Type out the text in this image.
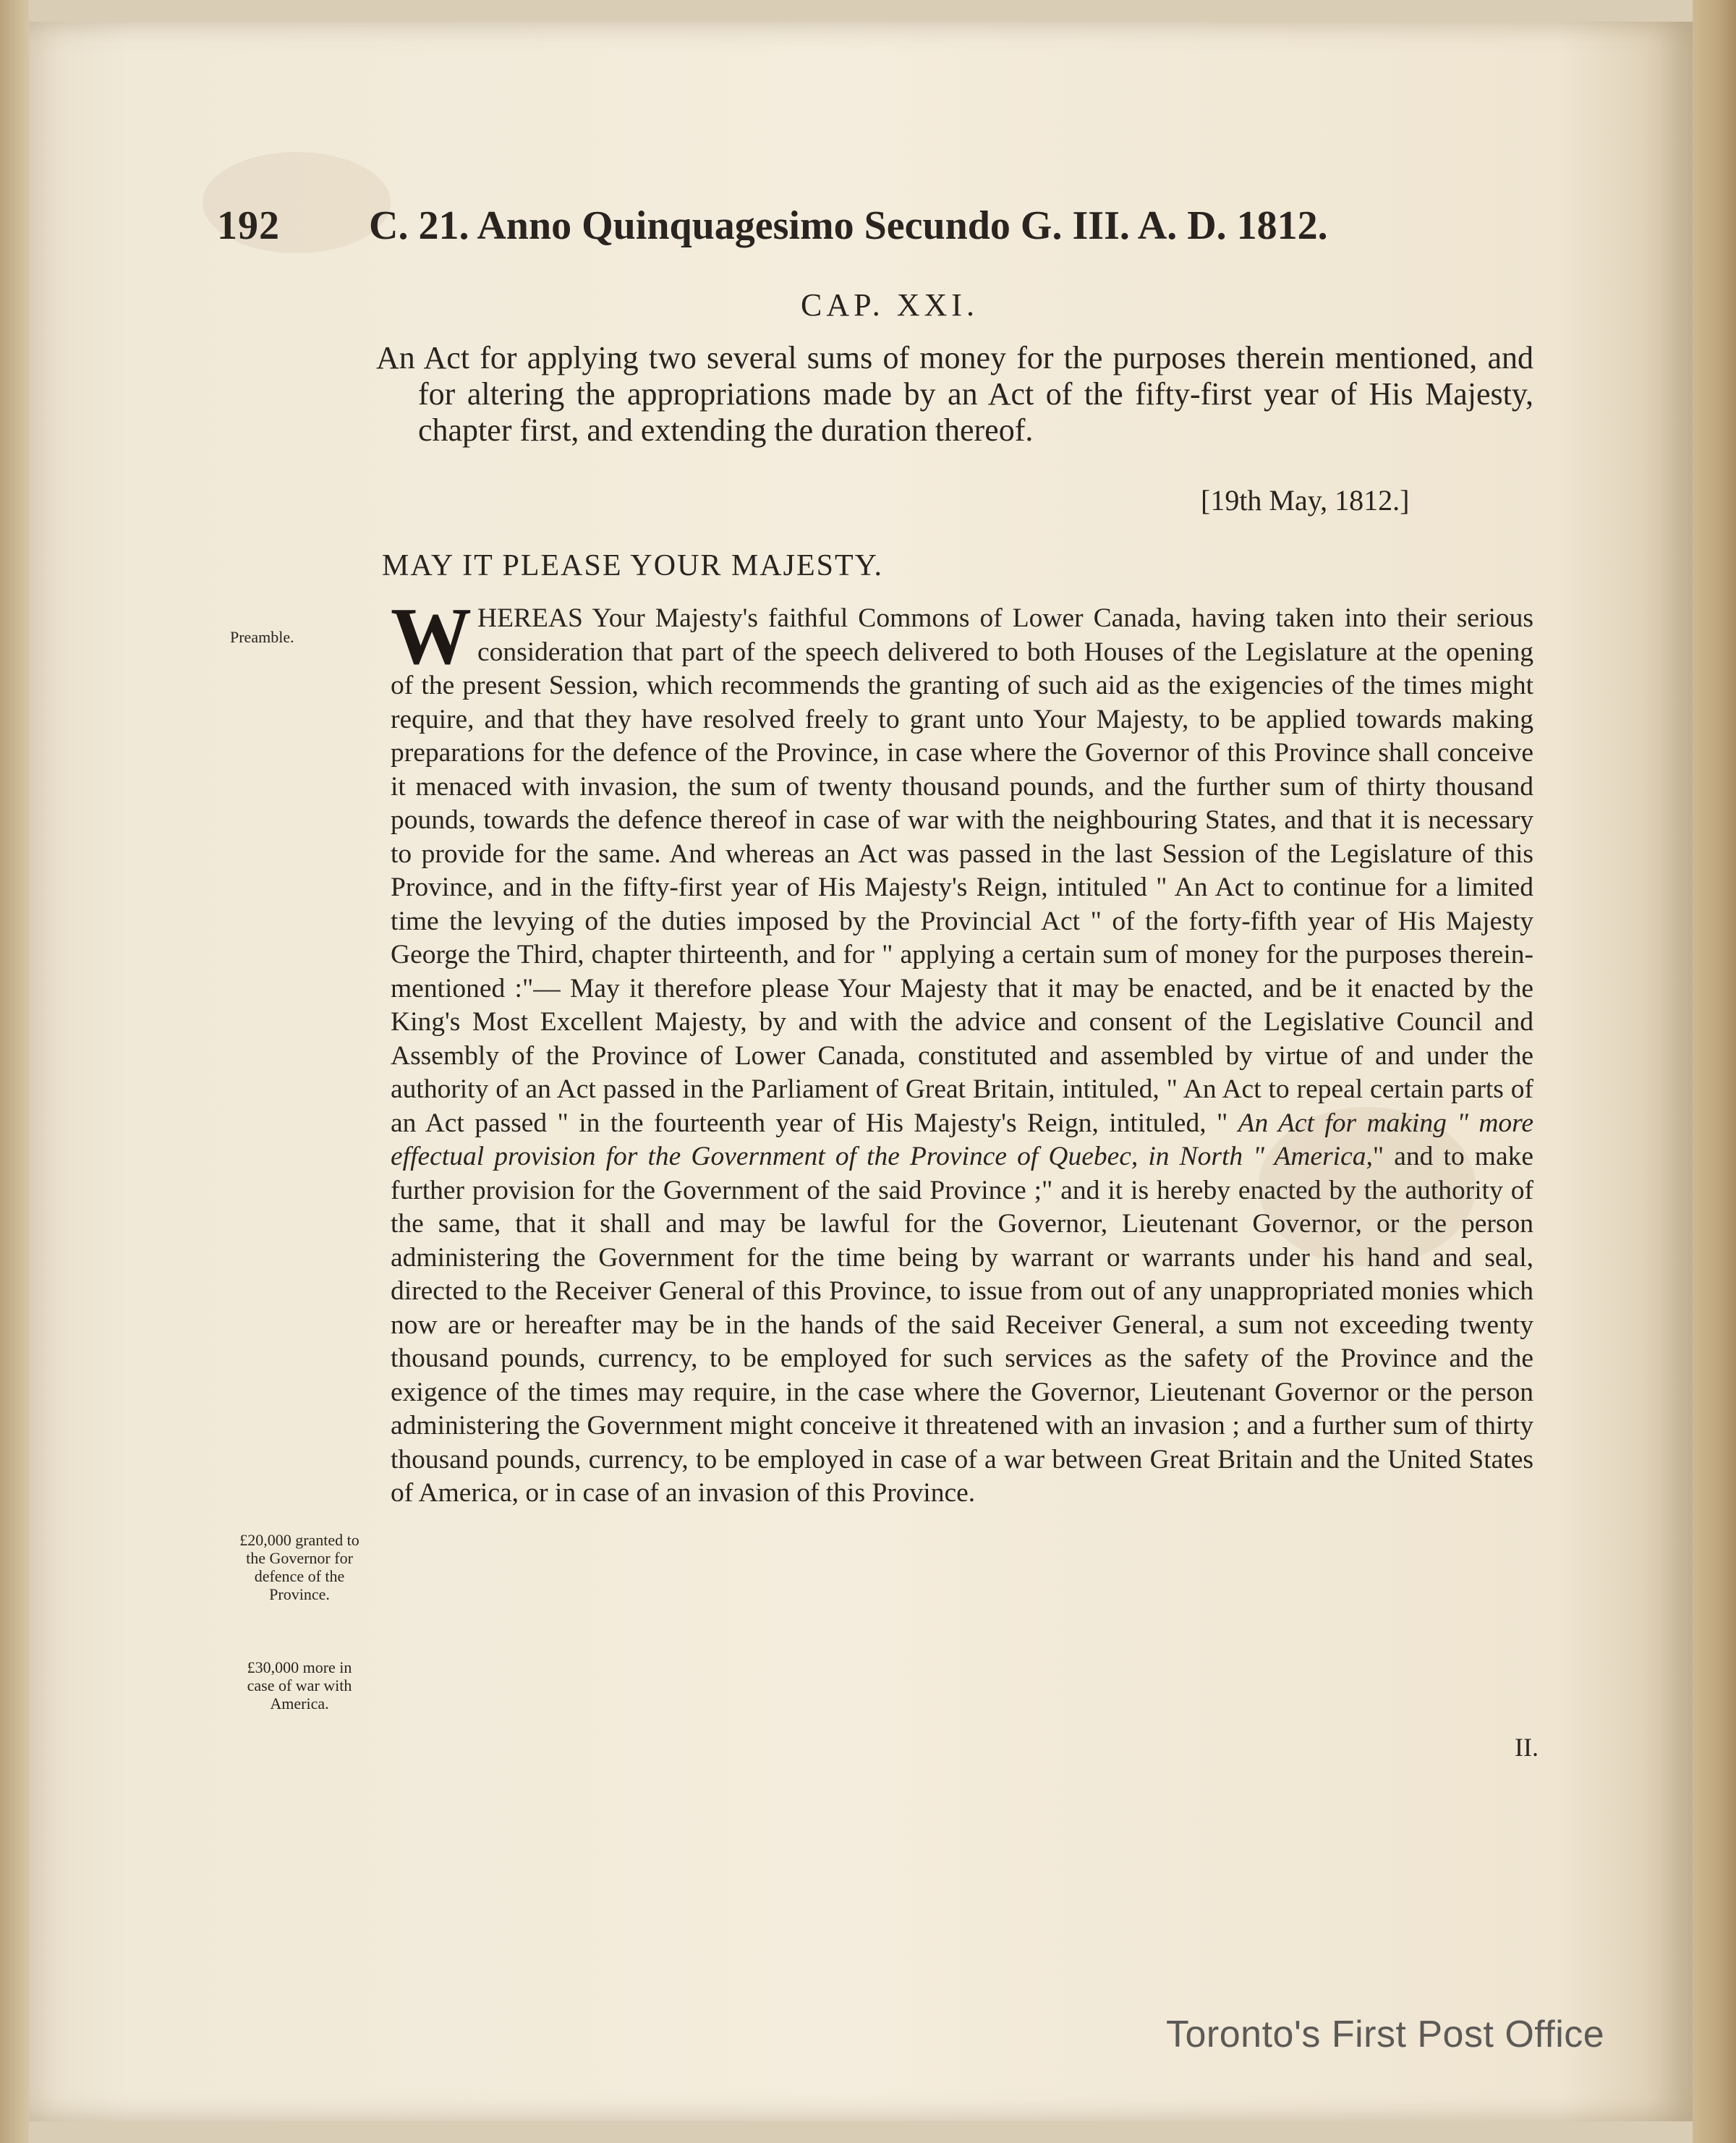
192 C. 21. Anno Quinquagesimo Secundo G. III. A. D. 1812.
CAP. XXI.
An Act for applying two several sums of money for the purposes therein mentioned, and for altering the appropriations made by an Act of the fifty-first year of His Majesty, chapter first, and extending the duration thereof.
[19th May, 1812.]
MAY IT PLEASE YOUR MAJESTY.
Preamble.
£20,000 granted to the Governor for defence of the Province.
£30,000 more in case of war with America.
WHEREAS Your Majesty's faithful Commons of Lower Canada, having taken into their serious consideration that part of the speech delivered to both Houses of the Legislature at the opening of the present Session, which recommends the granting of such aid as the exigencies of the times might require, and that they have resolved freely to grant unto Your Majesty, to be applied towards making preparations for the defence of the Province, in case where the Governor of this Province shall conceive it menaced with invasion, the sum of twenty thousand pounds, and the further sum of thirty thousand pounds, towards the defence thereof in case of war with the neighbouring States, and that it is necessary to provide for the same. And whereas an Act was passed in the last Session of the Legislature of this Province, and in the fifty-first year of His Majesty's Reign, intituled " An Act to continue for a limited time the levying of the duties imposed by the Provincial Act " of the forty-fifth year of His Majesty George the Third, chapter thirteenth, and for " applying a certain sum of money for the purposes therein-mentioned :"— May it therefore please Your Majesty that it may be enacted, and be it enacted by the King's Most Excellent Majesty, by and with the advice and consent of the Legislative Council and Assembly of the Province of Lower Canada, constituted and assembled by virtue of and under the authority of an Act passed in the Parliament of Great Britain, intituled, " An Act to repeal certain parts of an Act passed " in the fourteenth year of His Majesty's Reign, intituled, " An Act for making " more effectual provision for the Government of the Province of Quebec, in North " America," and to make further provision for the Government of the said Province ;" and it is hereby enacted by the authority of the same, that it shall and may be lawful for the Governor, Lieutenant Governor, or the person administering the Government for the time being by warrant or warrants under his hand and seal, directed to the Receiver General of this Province, to issue from out of any unappropriated monies which now are or hereafter may be in the hands of the said Receiver General, a sum not exceeding twenty thousand pounds, currency, to be employed for such services as the safety of the Province and the exigence of the times may require, in the case where the Governor, Lieutenant Governor or the person administering the Government might conceive it threatened with an invasion ; and a further sum of thirty thousand pounds, currency, to be employed in case of a war between Great Britain and the United States of America, or in case of an invasion of this Province.
II.
Toronto's First Post Office
